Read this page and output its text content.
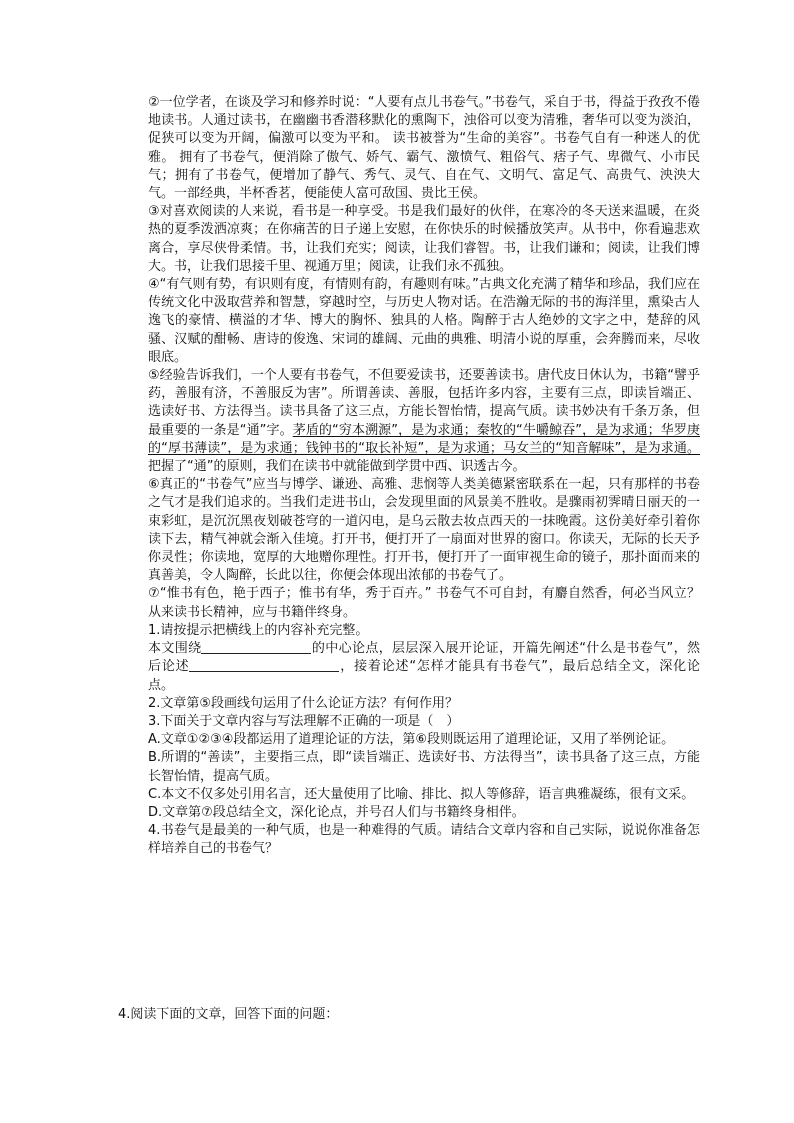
②一位学者，在谈及学习和修养时说：“人要有点儿书卷气。”书卷气，采自于书，得益于孜孜不倦地读书。人通过读书，在幽幽书香潜移默化的熏陶下，浊俗可以变为清雅，奢华可以变为淡泊，促狭可以变为开阔，偏激可以变为平和。 读书被誉为“生命的美容”。书卷气自有一种迷人的优雅。 拥有了书卷气，便消除了傲气、娇气、霸气、激愤气、粗俗气、痞子气、卑微气、小市民气；拥有了书卷气，便增加了静气、秀气、灵气、自在气、文明气、富足气、高贵气、泱泱大气。一部经典，半杯香茗，便能使人富可敌国、贵比王侯。

③对喜欢阅读的人来说，看书是一种享受。书是我们最好的伙伴，在寒冷的冬天送来温暖，在炎热的夏季泼洒凉爽；在你痛苦的日子递上安慰，在你快乐的时候播放笑声。从书中，你看遍悲欢离合，享尽侠骨柔情。书，让我们充实；阅读，让我们睿智。书，让我们谦和；阅读，让我们博大。书，让我们思接千里、视通万里；阅读，让我们永不孤独。

④“有气则有势，有识则有度，有情则有韵，有趣则有味。”古典文化充满了精华和珍品，我们应在传统文化中汲取营养和智慧，穿越时空，与历史人物对话。在浩瀚无际的书的海洋里，熏染古人逸飞的豪情、横溢的才华、博大的胸怀、独具的人格。陶醉于古人绝妙的文字之中，楚辞的风骚、汉赋的酣畅、唐诗的俊逸、宋词的雄阔、元曲的典雅、明清小说的厚重，会奔腾而来，尽收眼底。

⑤经验告诉我们，一个人要有书卷气，不但要爱读书，还要善读书。唐代皮日休认为，书籍“譬乎药，善服有济，不善服反为害”。所谓善读、善服，包括许多内容，主要有三点，即读旨端正、选读好书、方法得当。读书具备了这三点，方能长智怡情，提高气质。读书妙决有千条万条，但最重要的一条是“通”字。茅盾的“穷本溯源”，是为求通；秦牧的“牛嚼鲸吞”，是为求通；华罗庚的“厚书薄读”，是为求通；钱钟书的“取长补短”，是为求通；马女兰的“知音解味”，是为求通。把握了“通”的原则，我们在读书中就能做到学贯中西、识透古今。

⑥真正的“书卷气”应当与博学、谦逊、高雅、悲悯等人类美德紧密联系在一起，只有那样的书卷之气才是我们追求的。当我们走进书山，会发现里面的风景美不胜收。是骤雨初霁晴日丽天的一束彩虹，是沉沉黑夜划破苍穹的一道闪电，是乌云散去妆点西天的一抹晚霞。这份美好牵引着你读下去，精气神就会渐入佳境。打开书，便打开了一扇面对世界的窗口。你读天，无际的长天予你灵性；你读地，宽厚的大地赠你理性。打开书，便打开了一面审视生命的镜子，那扑面而来的真善美，令人陶醉，长此以往，你便会体现出浓郁的书卷气了。

⑦“惟书有色，艳于西子；惟书有华，秀于百卉。” 书卷气不可自封，有麝自然香，何必当风立？从来读书长精神，应与书籍伴终身。

1.请按提示把横线上的内容补充完整。

本文围绕	的中心论点，层层深入展开论证，开篇先阐述“什么是书卷气”，然后论述	，接着论述“怎样才能具有书卷气”，最后总结全文，深化论点。

2.文章第⑤段画线句运用了什么论证方法？有何作用？

3.下面关于文章内容与写法理解不正确的一项是（　）

A.文章①②③④段都运用了道理论证的方法，第⑥段则既运用了道理论证，又用了举例论证。

B.所谓的“善读”，主要指三点，即“读旨端正、选读好书、方法得当”，读书具备了这三点，方能长智怡情，提高气质。

C.本文不仅多处引用名言，还大量使用了比喻、排比、拟人等修辞，语言典雅凝练，很有文采。

D.文章第⑦段总结全文，深化论点，并号召人们与书籍终身相伴。

4.书卷气是最美的一种气质，也是一种难得的气质。请结合文章内容和自己实际，说说你准备怎样培养自己的书卷气？

4.阅读下面的文章，回答下面的问题：
